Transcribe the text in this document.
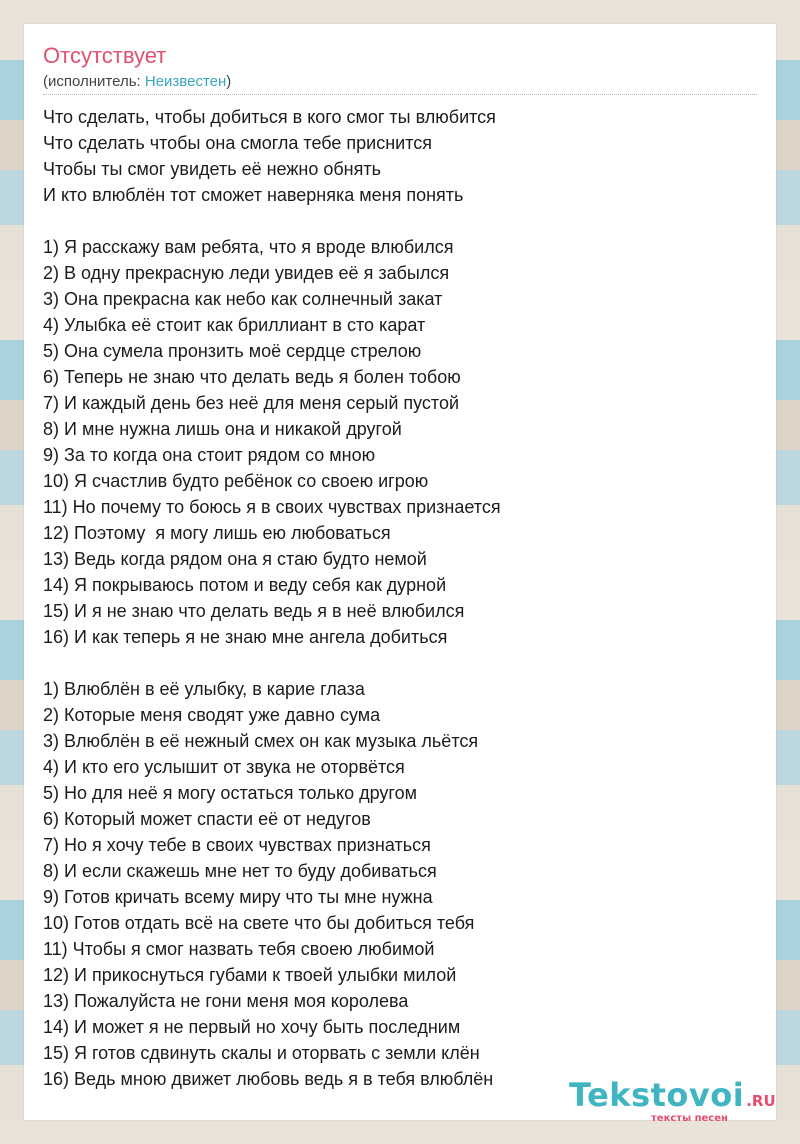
Отсутствует
(исполнитель: Неизвестен)
Что сделать, чтобы добиться в кого смог ты влюбится
Что сделать чтобы она смогла тебе приснится
Чтобы ты смог увидеть её нежно обнять
И кто влюблён тот сможет наверняка меня понять
1) Я расскажу вам ребята, что я вроде влюбился
2) В одну прекрасную леди увидев её я забылся
3) Она прекрасна как небо как солнечный закат
4) Улыбка её стоит как бриллиант в сто карат
5) Она сумела пронзить моё сердце стрелою
6) Теперь не знаю что делать ведь я болен тобою
7) И каждый день без неё для меня серый пустой
8) И мне нужна лишь она и никакой другой
9) За то когда она стоит рядом со мною
10) Я счастлив будто ребёнок со своею игрою
11) Но почему то боюсь я в своих чувствах признается
12) Поэтому  я могу лишь ею любоваться
13) Ведь когда рядом она я стаю будто немой
14) Я покрываюсь потом и веду себя как дурной
15) И я не знаю что делать ведь я в неё влюбился
16) И как теперь я не знаю мне ангела добиться
1) Влюблён в её улыбку, в карие глаза
2) Которые меня сводят уже давно сума
3) Влюблён в её нежный смех он как музыка льётся
4) И кто его услышит от звука не оторвётся
5) Но для неё я могу остаться только другом
6) Который может спасти её от недугов
7) Но я хочу тебе в своих чувствах признаться
8) И если скажешь мне нет то буду добиваться
9) Готов кричать всему миру что ты мне нужна
10) Готов отдать всё на свете что бы добиться тебя
11) Чтобы я смог назвать тебя своею любимой
12) И прикоснуться губами к твоей улыбки милой
13) Пожалуйста не гони меня моя королева
14) И может я не первый но хочу быть последним
15) Я готов сдвинуть скалы и оторвать с земли клён
16) Ведь мною движет любовь ведь я в тебя влюблён	Tekstovoi .RU
тексты песен
